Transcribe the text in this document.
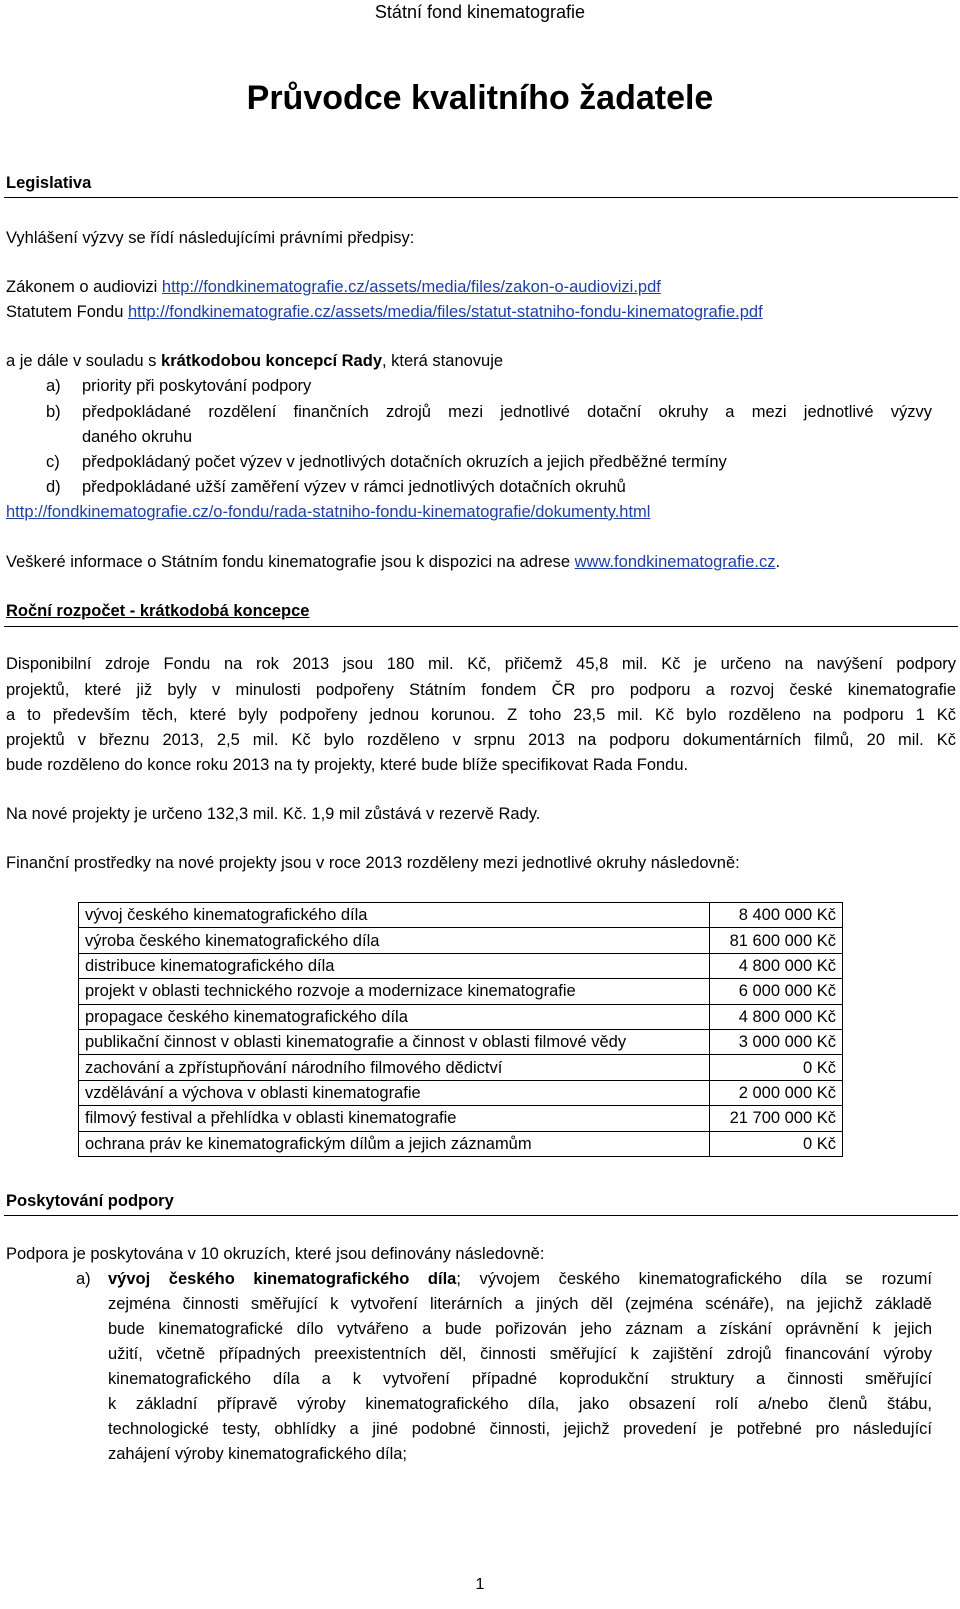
Státní fond kinematografie
Průvodce kvalitního žadatele
Legislativa
Vyhlášení výzvy se řídí následujícími právními předpisy:
Zákonem o audiovizi http://fondkinematografie.cz/assets/media/files/zakon-o-audiovizi.pdf
Statutem Fondu http://fondkinematografie.cz/assets/media/files/statut-statniho-fondu-kinematografie.pdf
a je dále v souladu s krátkodobou koncepcí Rady, která stanovuje
a) priority při poskytování podpory
b) předpokládané rozdělení finančních zdrojů mezi jednotlivé dotační okruhy a mezi jednotlivé výzvy
daného okruhu
c) předpokládaný počet výzev v jednotlivých dotačních okruzích a jejich předběžné termíny
d) předpokládané užší zaměření výzev v rámci jednotlivých dotačních okruhů
http://fondkinematografie.cz/o-fondu/rada-statniho-fondu-kinematografie/dokumenty.html
Veškeré informace o Státním fondu kinematografie jsou k dispozici na adrese www.fondkinematografie.cz.
Roční rozpočet - krátkodobá koncepce
Disponibilní zdroje Fondu na rok 2013 jsou 180 mil. Kč, přičemž 45,8 mil. Kč je určeno na navýšení podpory
projektů, které již byly v minulosti podpořeny Státním fondem ČR pro podporu a rozvoj české kinematografie
a to především těch, které byly podpořeny jednou korunou. Z toho 23,5 mil. Kč bylo rozděleno na podporu 1 Kč
projektů v březnu 2013, 2,5 mil. Kč bylo rozděleno v srpnu 2013 na podporu dokumentárních filmů, 20 mil. Kč
bude rozděleno do konce roku 2013 na ty projekty, které bude blíže specifikovat Rada Fondu.
Na nové projekty je určeno 132,3 mil. Kč. 1,9 mil zůstává v rezervě Rady.
Finanční prostředky na nové projekty jsou v roce 2013 rozděleny mezi jednotlivé okruhy následovně:
vývoj českého kinematografického díla	8 400 000 Kč
výroba českého kinematografického díla	81 600 000 Kč
distribuce kinematografického díla	4 800 000 Kč
projekt v oblasti technického rozvoje a modernizace kinematografie	6 000 000 Kč
propagace českého kinematografického díla	4 800 000 Kč
publikační činnost v oblasti kinematografie a činnost v oblasti filmové vědy	3 000 000 Kč
zachování a zpřístupňování národního filmového dědictví	0 Kč
vzdělávání a výchova v oblasti kinematografie	2 000 000 Kč
filmový festival a přehlídka v oblasti kinematografie	21 700 000 Kč
ochrana práv ke kinematografickým dílům a jejich záznamům	0 Kč
Poskytování podpory
Podpora je poskytována v 10 okruzích, které jsou definovány následovně:
a) vývoj českého kinematografického díla; vývojem českého kinematografického díla se rozumí
zejména činnosti směřující k vytvoření literárních a jiných děl (zejména scénáře), na jejichž základě
bude kinematografické dílo vytvářeno a bude pořizován jeho záznam a získání oprávnění k jejich
užití, včetně případných preexistentních děl, činnosti směřující k zajištění zdrojů financování výroby
kinematografického díla a k vytvoření případné koprodukční struktury a činnosti směřující
k základní přípravě výroby kinematografického díla, jako obsazení rolí a/nebo členů štábu,
technologické testy, obhlídky a jiné podobné činnosti, jejichž provedení je potřebné pro následující
zahájení výroby kinematografického díla;
1
